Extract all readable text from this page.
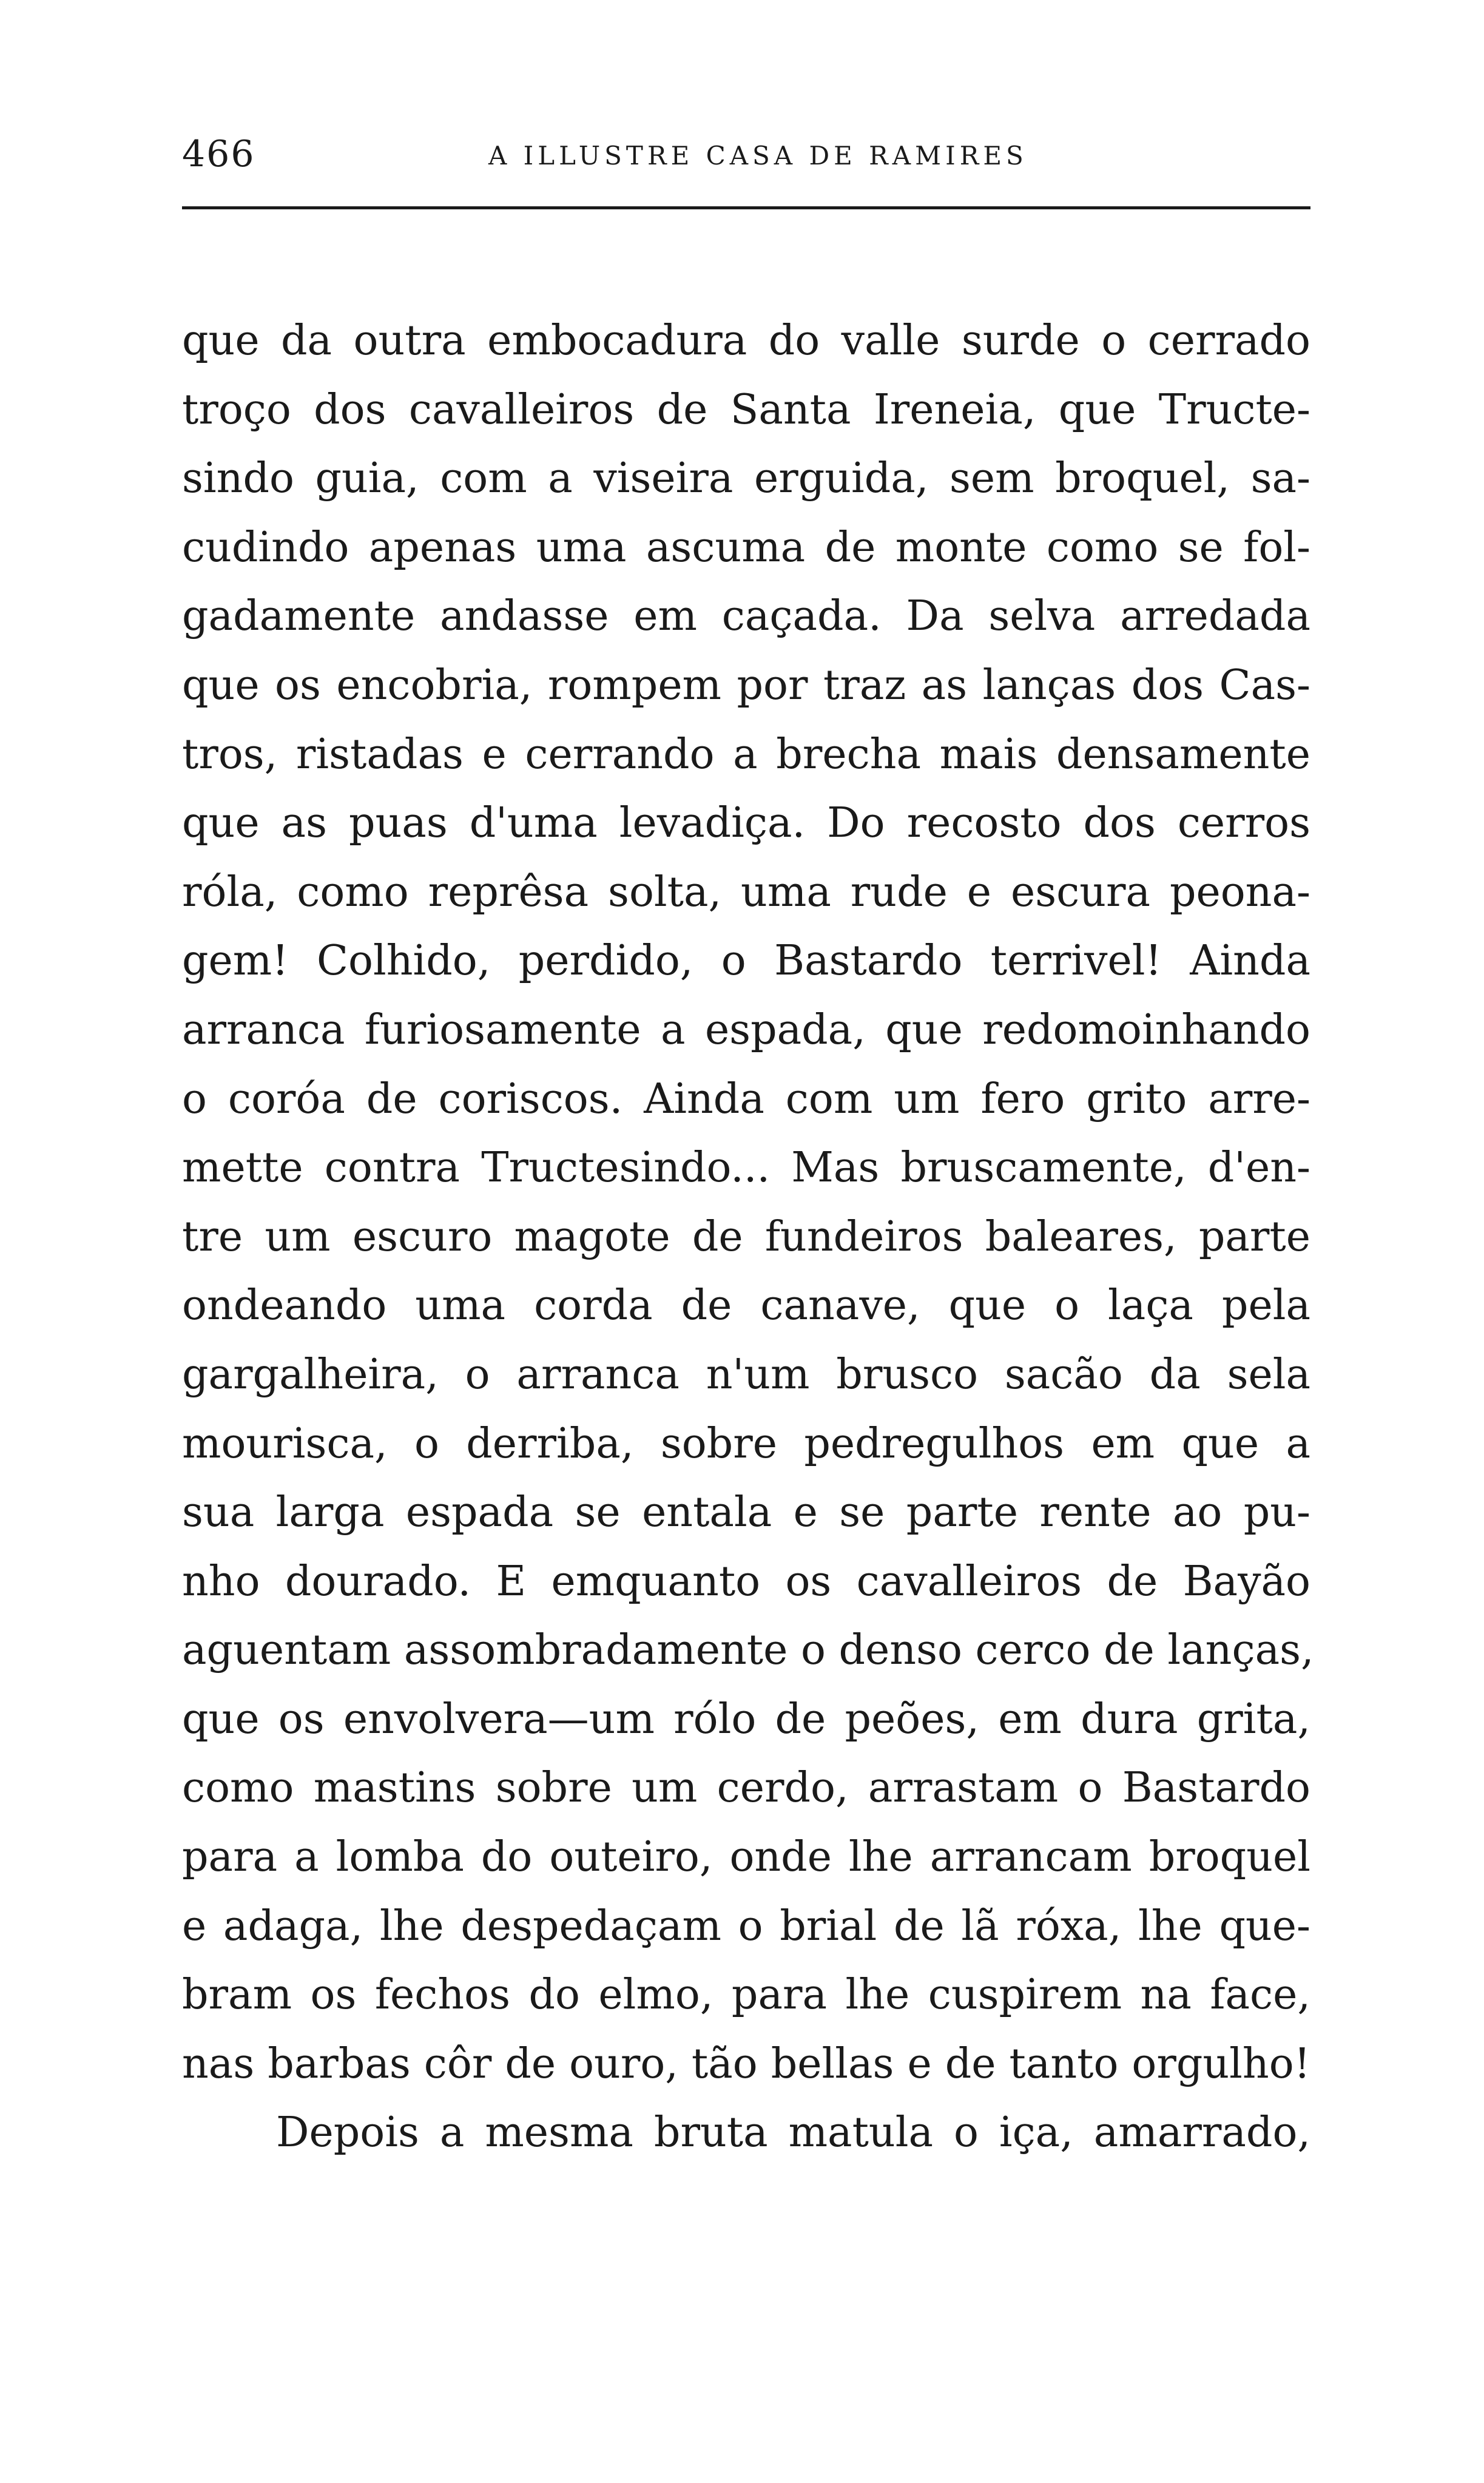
466	A ILLUSTRE CASA DE RAMIRES
que da outra embocadura do valle surde o cerrado
troço dos cavalleiros de Santa Ireneia, que Tructe-
sindo guia, com a viseira erguida, sem broquel, sa-
cudindo apenas uma ascuma de monte como se fol-
gadamente andasse em caçada. Da selva arredada
que os encobria, rompem por traz as lanças dos Cas-
tros, ristadas e cerrando a brecha mais densamente
que as puas d'uma levadiça. Do recosto dos cerros
róla, como reprêsa solta, uma rude e escura peona-
gem! Colhido, perdido, o Bastardo terrivel! Ainda
arranca furiosamente a espada, que redomoinhando
o coróa de coriscos. Ainda com um fero grito arre-
mette contra Tructesindo... Mas bruscamente, d'en-
tre um escuro magote de fundeiros baleares, parte
ondeando uma corda de canave, que o laça pela
gargalheira, o arranca n'um brusco sacão da sela
mourisca, o derriba, sobre pedregulhos em que a
sua larga espada se entala e se parte rente ao pu-
nho dourado. E emquanto os cavalleiros de Bayão
aguentam assombradamente o denso cerco de lanças,
que os envolvera—um rólo de peões, em dura grita,
como mastins sobre um cerdo, arrastam o Bastardo
para a lomba do outeiro, onde lhe arrancam broquel
e adaga, lhe despedaçam o brial de lã róxa, lhe que-
bram os fechos do elmo, para lhe cuspirem na face,
nas barbas côr de ouro, tão bellas e de tanto orgulho!
Depois a mesma bruta matula o iça, amarrado,
